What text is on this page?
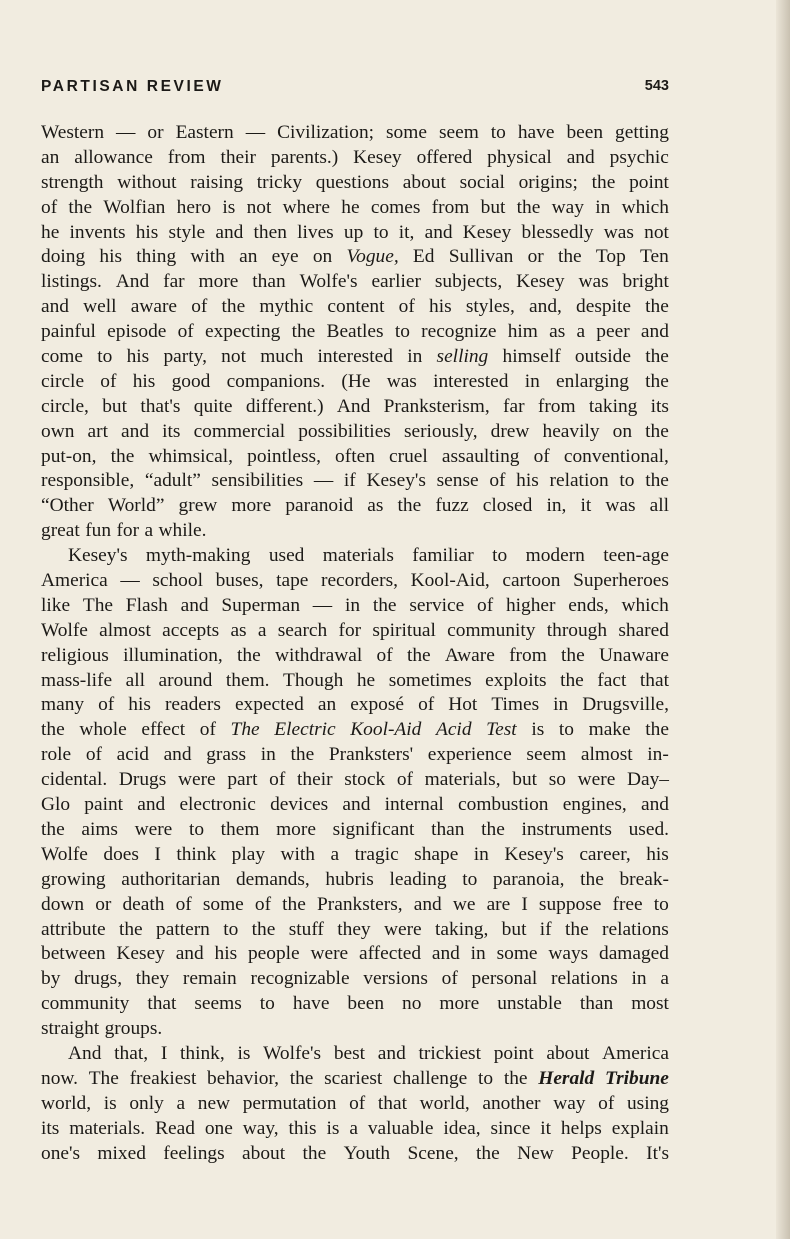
PARTISAN REVIEW	543
Western — or Eastern — Civilization; some seem to have been getting
an allowance from their parents.) Kesey offered physical and psychic
strength without raising tricky questions about social origins; the point
of the Wolfian hero is not where he comes from but the way in which
he invents his style and then lives up to it, and Kesey blessedly was not
doing his thing with an eye on Vogue, Ed Sullivan or the Top Ten
listings. And far more than Wolfe's earlier subjects, Kesey was bright
and well aware of the mythic content of his styles, and, despite the
painful episode of expecting the Beatles to recognize him as a peer and
come to his party, not much interested in selling himself outside the
circle of his good companions. (He was interested in enlarging the
circle, but that's quite different.) And Pranksterism, far from taking its
own art and its commercial possibilities seriously, drew heavily on the
put-on, the whimsical, pointless, often cruel assaulting of conventional,
responsible, “adult” sensibilities — if Kesey's sense of his relation to the
“Other World” grew more paranoid as the fuzz closed in, it was all
great fun for a while.
Kesey's myth-making used materials familiar to modern teen-age
America — school buses, tape recorders, Kool-Aid, cartoon Superheroes
like The Flash and Superman — in the service of higher ends, which
Wolfe almost accepts as a search for spiritual community through shared
religious illumination, the withdrawal of the Aware from the Unaware
mass-life all around them. Though he sometimes exploits the fact that
many of his readers expected an exposé of Hot Times in Drugsville,
the whole effect of The Electric Kool-Aid Acid Test is to make the
role of acid and grass in the Pranksters' experience seem almost in-
cidental. Drugs were part of their stock of materials, but so were Day–
Glo paint and electronic devices and internal combustion engines, and
the aims were to them more significant than the instruments used.
Wolfe does I think play with a tragic shape in Kesey's career, his
growing authoritarian demands, hubris leading to paranoia, the break-
down or death of some of the Pranksters, and we are I suppose free to
attribute the pattern to the stuff they were taking, but if the relations
between Kesey and his people were affected and in some ways damaged
by drugs, they remain recognizable versions of personal relations in a
community that seems to have been no more unstable than most
straight groups.
And that, I think, is Wolfe's best and trickiest point about America
now. The freakiest behavior, the scariest challenge to the Herald Tribune
world, is only a new permutation of that world, another way of using
its materials. Read one way, this is a valuable idea, since it helps explain
one's mixed feelings about the Youth Scene, the New People. It's
